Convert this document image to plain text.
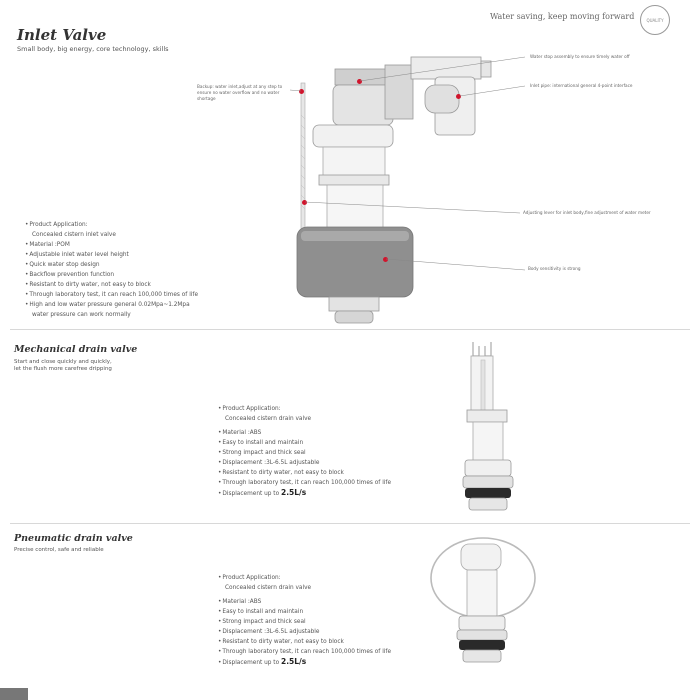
Water saving, keep moving forward	QUALITY
Inlet Valve
Small body, big energy, core technology, skills
Backup: water inlet,adjust at any step to ensure no water overflow and no water shortage
Water stop assembly to ensure timely water off
Inlet pipe: international general 4-point interface
Adjusting lever for inlet body,fine adjustment of water meter
Body sensitivity is strong
• Product Application:
Concealed cistern inlet valve
• Material :POM
• Adjustable inlet water level height
• Quick water stop design
• Backflow prevention function
• Resistant to dirty water, not easy to block
• Through laboratory test, it can reach 100,000 times of life
• High and low water pressure general 0.02Mpa~1.2Mpa
water pressure can work normally
Mechanical drain valve
Start and close quickly and quickly,
let the flush more carefree dripping
• Product Application:
Concealed cistern drain valve
• Material :ABS
• Easy to install and maintain
• Strong impact and thick seal
• Displacement :3L-6.5L adjustable
• Resistant to dirty water, not easy to block
• Through laboratory test, it can reach 100,000 times of life
• Displacement up to 2.5L/s
Pneumatic drain valve
Precise control, safe and reliable
• Product Application:
Concealed cistern drain valve
• Material :ABS
• Easy to install and maintain
• Strong impact and thick seal
• Displacement :3L-6.5L adjustable
• Resistant to dirty water, not easy to block
• Through laboratory test, it can reach 100,000 times of life
• Displacement up to 2.5L/s
